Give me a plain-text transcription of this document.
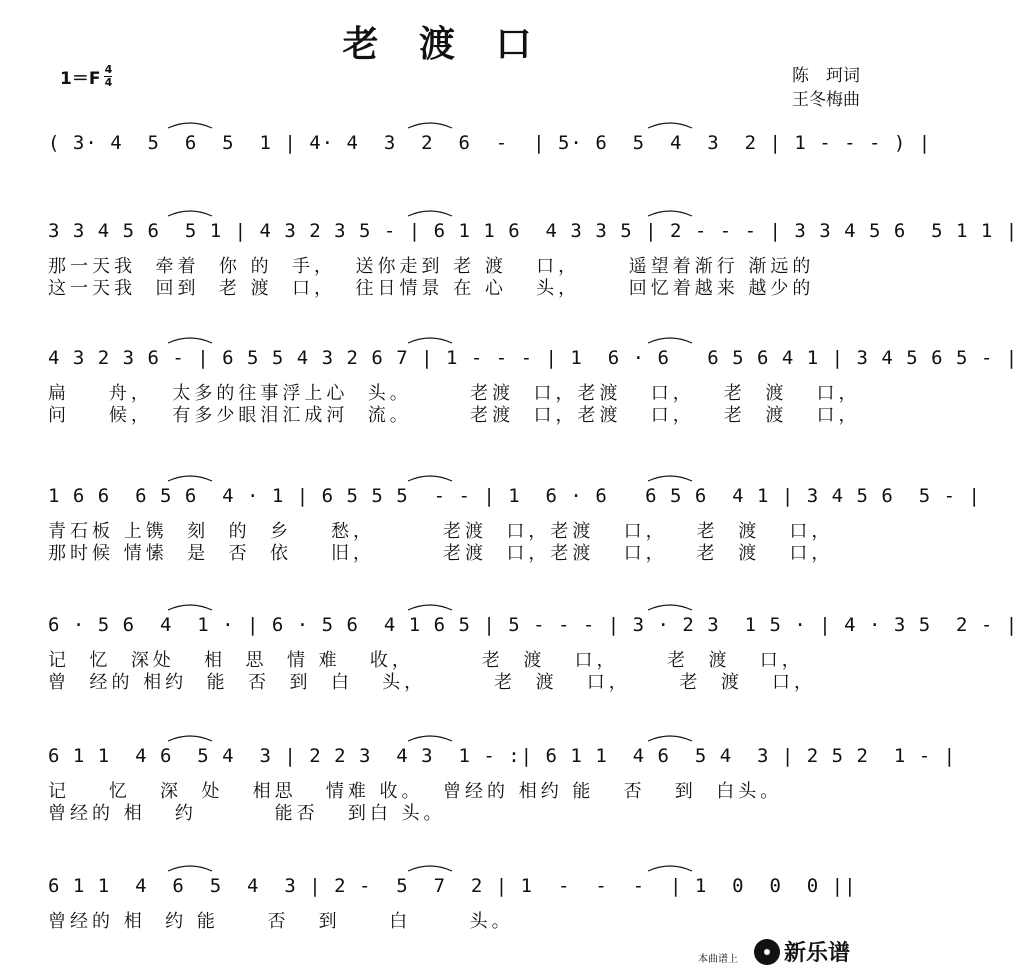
老 渡 口
$1=F \frac{4}{4}$	陈　珂词
王冬梅曲
( 3· 4  5  6  5  1 | 4· 4  3  2  6  -  | 5· 6  5  4  3  2 | 1 - - - ) |
3 3 4 5 6  5 1 | 4 3 2 3 5 - | 6 1 1 6  4 3 3 5 | 2 - - - | 3 3 4 5 6  5 1 1 |
那一天我  牵着  你 的  手，  送你走到 老 渡   口，     遥望着渐行 渐远的
这一天我  回到  老 渡  口，  往日情景 在 心   头，     回忆着越来 越少的
4 3 2 3 6 - | 6 5 5 4 3 2 6 7 | 1 - - - | 1  6 · 6   6 5 6 4 1 | 3 4 5 6 5 - |
扁    舟，  太多的往事浮上心  头。      老渡  口，老渡   口，   老  渡   口，
问    候，  有多少眼泪汇成河  流。      老渡  口，老渡   口，   老  渡   口，
1 6 6  6 5 6  4 · 1 | 6 5 5 5  - - | 1  6 · 6   6 5 6  4 1 | 3 4 5 6  5 - |
青石板 上镌  刻  的  乡    愁，       老渡  口，老渡   口，   老  渡   口，
那时候 情愫  是  否  依    旧，       老渡  口，老渡   口，   老  渡   口，
6 · 5 6  4  1 · | 6 · 5 6  4 1 6 5 | 5 - - - | 3 · 2 3  1 5 · | 4 · 3 5  2 - |
记  忆  深处   相  思  情 难   收，       老  渡   口，     老  渡   口，
曾  经的 相约  能  否  到  白   头，       老  渡   口，     老  渡   口，
6 1 1  4 6  5 4  3 | 2 2 3  4 3  1 - :| 6 1 1  4 6  5 4  3 | 2 5 2  1 - |
记    忆   深  处   相思   情难 收。  曾经的 相约 能   否   到  白头。
曾经的 相   约        能否   到白 头。
6 1 1  4  6  5  4  3 | 2 -  5  7  2 | 1  -  -  -  | 1  0  0  0 ||
曾经的 相  约 能     否   到     白      头。
本曲谱上 新乐谱
